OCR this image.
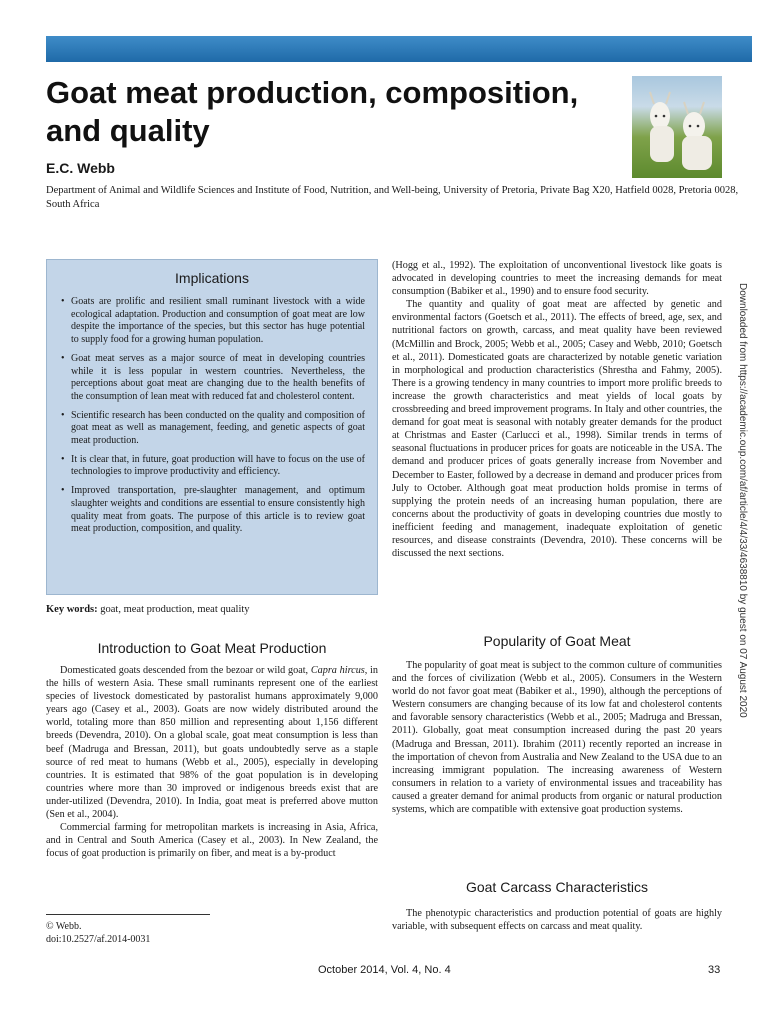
Goat meat production, composition, and quality

E.C. Webb

Department of Animal and Wildlife Sciences and Institute of Food, Nutrition, and Well-being, University of Pretoria, Private Bag X20, Hatfield 0028, Pretoria 0028, South Africa

Implications
• Goats are prolific and resilient small ruminant livestock with a wide ecological adaptation. Production and consumption of goat meat are low despite the importance of the species, but this sector has huge potential to supply food for a growing human population.
• Goat meat serves as a major source of meat in developing countries while it is less popular in western countries. Nevertheless, the perceptions about goat meat are changing due to the health benefits of the consumption of lean meat with reduced fat and cholesterol content.
• Scientific research has been conducted on the quality and composition of goat meat as well as management, feeding, and genetic aspects of goat meat production.
• It is clear that, in future, goat production will have to focus on the use of technologies to improve productivity and efficiency.
• Improved transportation, pre-slaughter management, and optimum slaughter weights and conditions are essential to ensure consistently high quality meat from goats. The purpose of this article is to review goat meat production, composition, and quality.

Key words: goat, meat production, meat quality

Introduction to Goat Meat Production

Domesticated goats descended from the bezoar or wild goat, Capra hircus, in the hills of western Asia. These small ruminants represent one of the earliest species of livestock domesticated by pastoralist humans approximately 9,000 years ago (Casey et al., 2003). Goats are now widely distributed around the world, totaling more than 850 million and representing about 1,156 different breeds (Devendra, 2010). On a global scale, goat meat consumption is less than beef (Madruga and Bressan, 2011), but goats undoubtedly serve as a staple source of red meat to humans (Webb et al., 2005), especially in developing countries. It is estimated that 98% of the goat population is in developing countries where more than 30 improved or indigenous breeds exist that are under-utilized (Devendra, 2010). In India, goat meat is preferred above mutton (Sen et al., 2004).

Commercial farming for metropolitan markets is increasing in Asia, Africa, and in Central and South America (Casey et al., 2003). In New Zealand, the focus of goat production is primarily on fiber, and meat is a by-product

(Hogg et al., 1992). The exploitation of unconventional livestock like goats is advocated in developing countries to meet the increasing demands for meat consumption (Babiker et al., 1990) and to ensure food security.

The quantity and quality of goat meat are affected by genetic and environmental factors (Goetsch et al., 2011). The effects of breed, age, sex, and nutritional factors on growth, carcass, and meat quality have been reviewed (McMillin and Brock, 2005; Webb et al., 2005; Casey and Webb, 2010; Goetsch et al., 2011). Domesticated goats are characterized by notable genetic variation in morphological and production characteristics (Shrestha and Fahmy, 2005). There is a growing tendency in many countries to import more prolific breeds to increase the growth characteristics and meat yields of local goats by crossbreeding and breed improvement programs. In Italy and other countries, the demand for goat meat is seasonal with notably greater demands for the product at Christmas and Easter (Carlucci et al., 1998). Similar trends in terms of seasonal fluctuations in producer prices for goats are noticeable in the USA. The demand and producer prices of goats generally increase from November and December to Easter, followed by a decrease in demand and producer prices from July to October. Although goat meat production holds promise in terms of supplying the protein needs of an increasing human population, there are concerns about the productivity of goats in developing countries due mostly to inefficient feeding and management, inadequate exploitation of genetic resources, and disease constraints (Devendra, 2010). These concerns will be discussed the next sections.

Popularity of Goat Meat

The popularity of goat meat is subject to the common culture of communities and the forces of civilization (Webb et al., 2005). Consumers in the Western world do not favor goat meat (Babiker et al., 1990), although the perceptions of Western consumers are changing because of its low fat and cholesterol contents and favorable sensory characteristics (Webb et al., 2005; Madruga and Bressan, 2011). Globally, goat meat consumption increased during the past 20 years (Madruga and Bressan, 2011). Ibrahim (2011) recently reported an increase in the importation of chevon from Australia and New Zealand to the USA due to an increasing immigrant population. The increasing awareness of Western consumers in relation to a variety of environmental issues and traceability has caused a greater demand for animal products from organic or natural production systems, which are compatible with extensive goat production systems.

Goat Carcass Characteristics

The phenotypic characteristics and production potential of goats are highly variable, with subsequent effects on carcass and meat quality.

© Webb.
doi:10.2527/af.2014-0031

October 2014, Vol. 4, No. 4	33
Downloaded from https://academic.oup.com/af/article/4/4/33/4638810 by guest on 07 August 2020
